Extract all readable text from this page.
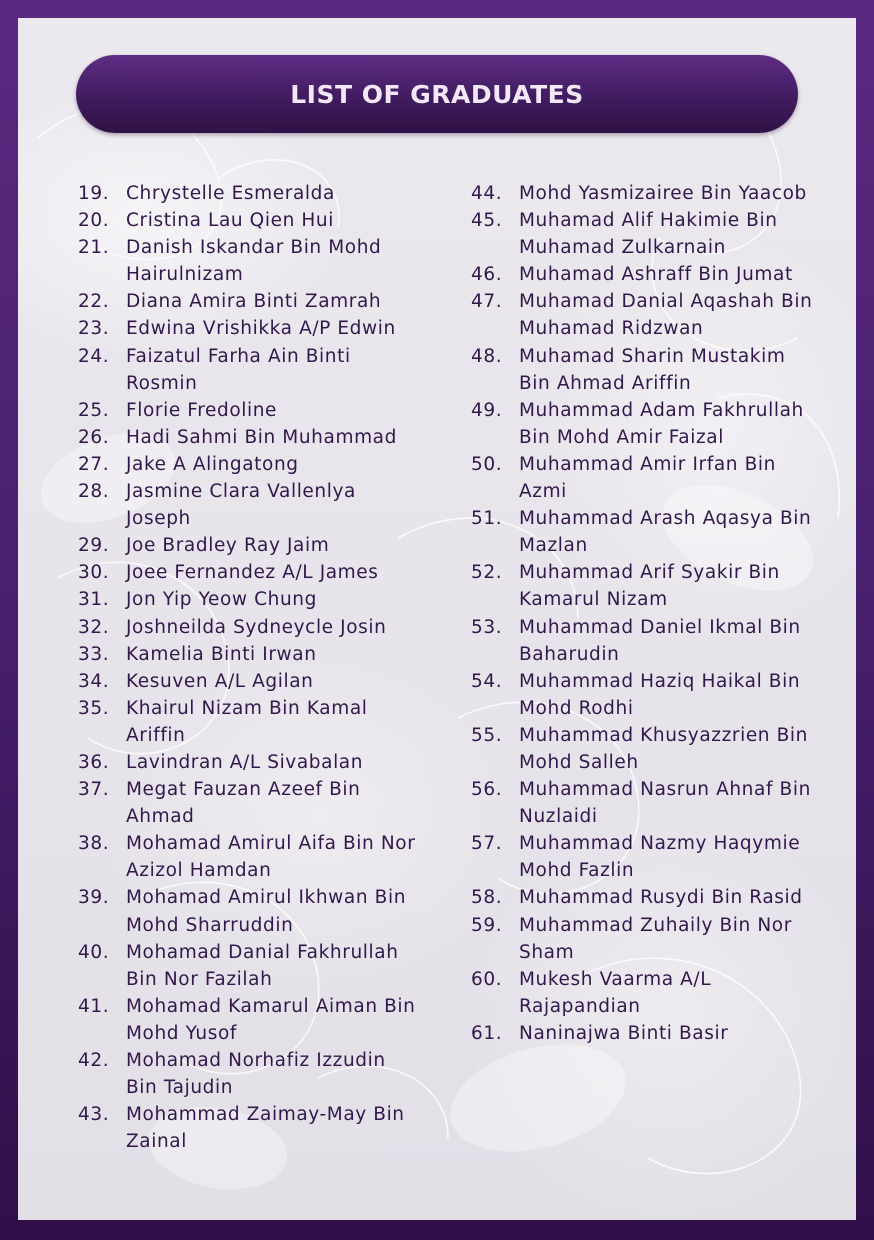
LIST OF GRADUATES
19. Chrystelle Esmeralda
20. Cristina Lau Qien Hui
21. Danish Iskandar Bin Mohd Hairulnizam
22. Diana Amira Binti Zamrah
23. Edwina Vrishikka A/P Edwin
24. Faizatul Farha Ain Binti Rosmin
25. Florie Fredoline
26. Hadi Sahmi Bin Muhammad
27. Jake A Alingatong
28. Jasmine Clara Vallenlya Joseph
29. Joe Bradley Ray Jaim
30. Joee Fernandez A/L James
31. Jon Yip Yeow Chung
32. Joshneilda Sydneycle Josin
33. Kamelia Binti Irwan
34. Kesuven A/L Agilan
35. Khairul Nizam Bin Kamal Ariffin
36. Lavindran A/L Sivabalan
37. Megat Fauzan Azeef Bin Ahmad
38. Mohamad Amirul Aifa Bin Nor Azizol Hamdan
39. Mohamad Amirul Ikhwan Bin Mohd Sharruddin
40. Mohamad Danial Fakhrullah Bin Nor Fazilah
41. Mohamad Kamarul Aiman Bin Mohd Yusof
42. Mohamad Norhafiz Izzudin Bin Tajudin
43. Mohammad Zaimay-May Bin Zainal
44. Mohd Yasmizairee Bin Yaacob
45. Muhamad Alif Hakimie Bin Muhamad Zulkarnain
46. Muhamad Ashraff Bin Jumat
47. Muhamad Danial Aqashah Bin Muhamad Ridzwan
48. Muhamad Sharin Mustakim Bin Ahmad Ariffin
49. Muhammad Adam Fakhrullah Bin Mohd Amir Faizal
50. Muhammad Amir Irfan Bin Azmi
51. Muhammad Arash Aqasya Bin Mazlan
52. Muhammad Arif Syakir Bin Kamarul Nizam
53. Muhammad Daniel Ikmal Bin Baharudin
54. Muhammad Haziq Haikal Bin Mohd Rodhi
55. Muhammad Khusyazzrien Bin Mohd Salleh
56. Muhammad Nasrun Ahnaf Bin Nuzlaidi
57. Muhammad Nazmy Haqymie Mohd Fazlin
58. Muhammad Rusydi Bin Rasid
59. Muhammad Zuhaily Bin Nor Sham
60. Mukesh Vaarma A/L Rajapandian
61. Naninajwa Binti Basir
